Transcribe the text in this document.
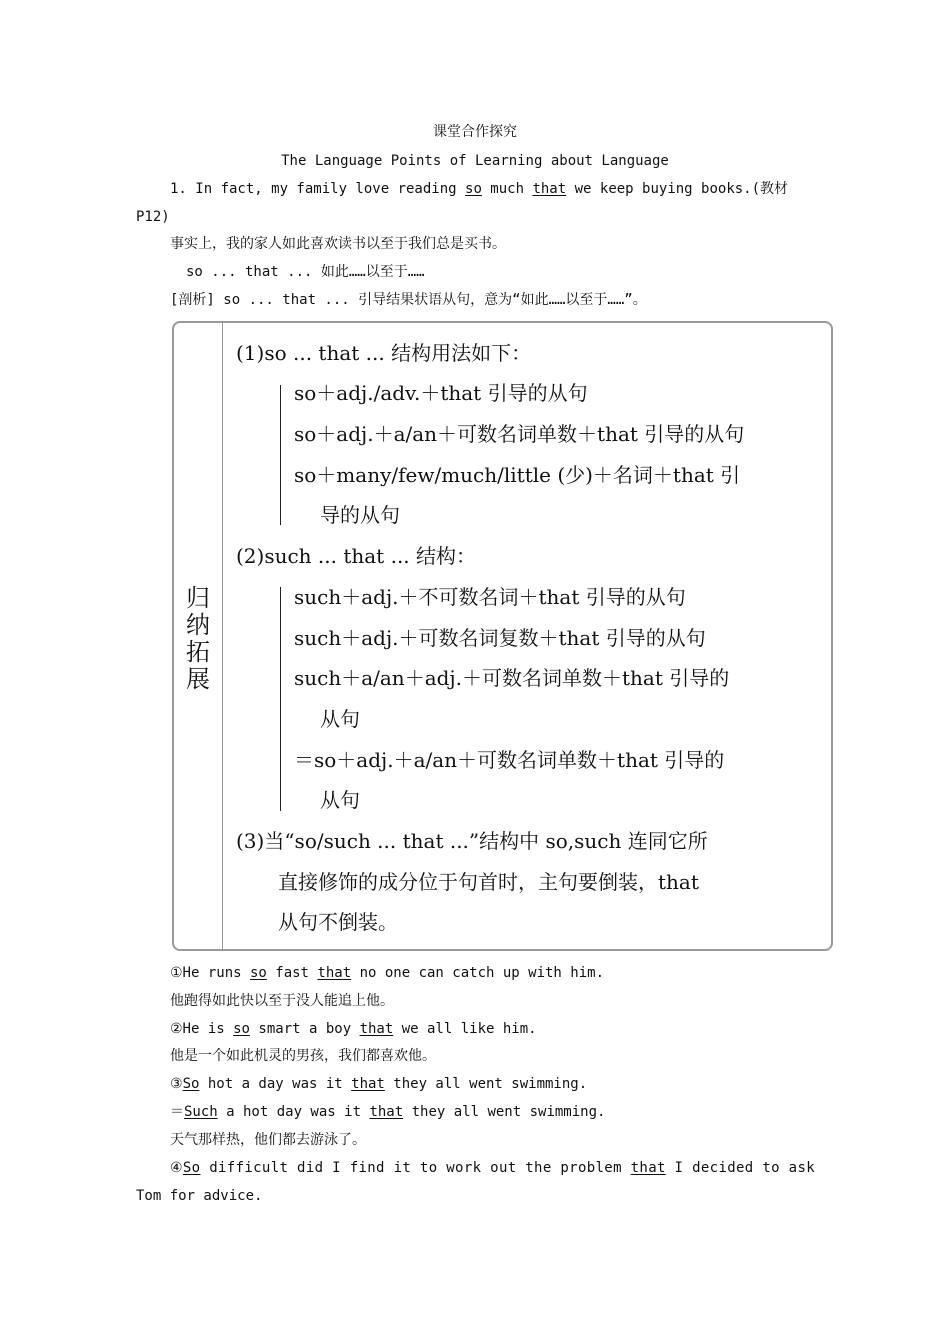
课堂合作探究
The Language Points of Learning about Language
1. In fact, my family love reading so much that we keep buying books.(教材
P12)
事实上，我的家人如此喜欢读书以至于我们总是买书。
so ... that ... 如此……以至于……
[剖析] so ... that ... 引导结果状语从句，意为“如此……以至于……”。
归
纳
拓
展
(1)so ... that ... 结构用法如下：
so＋adj./adv.＋that 引导的从句
so＋adj.＋a/an＋可数名词单数＋that 引导的从句
so＋many/few/much/little (少)＋名词＋that 引
导的从句
(2)such ... that ... 结构：
such＋adj.＋不可数名词＋that 引导的从句
such＋adj.＋可数名词复数＋that 引导的从句
such＋a/an＋adj.＋可数名词单数＋that 引导的
从句
＝so＋adj.＋a/an＋可数名词单数＋that 引导的
从句
(3)当“so/such ... that ...”结构中 so,such 连同它所
直接修饰的成分位于句首时，主句要倒装，that
从句不倒装。
①He runs so fast that no one can catch up with him.
他跑得如此快以至于没人能追上他。
②He is so smart a boy that we all like him.
他是一个如此机灵的男孩，我们都喜欢他。
③So hot a day was it that they all went swimming.
＝Such a hot day was it that they all went swimming.
天气那样热，他们都去游泳了。
④So difficult did I find it to work out the problem that I decided to ask
Tom for advice.
